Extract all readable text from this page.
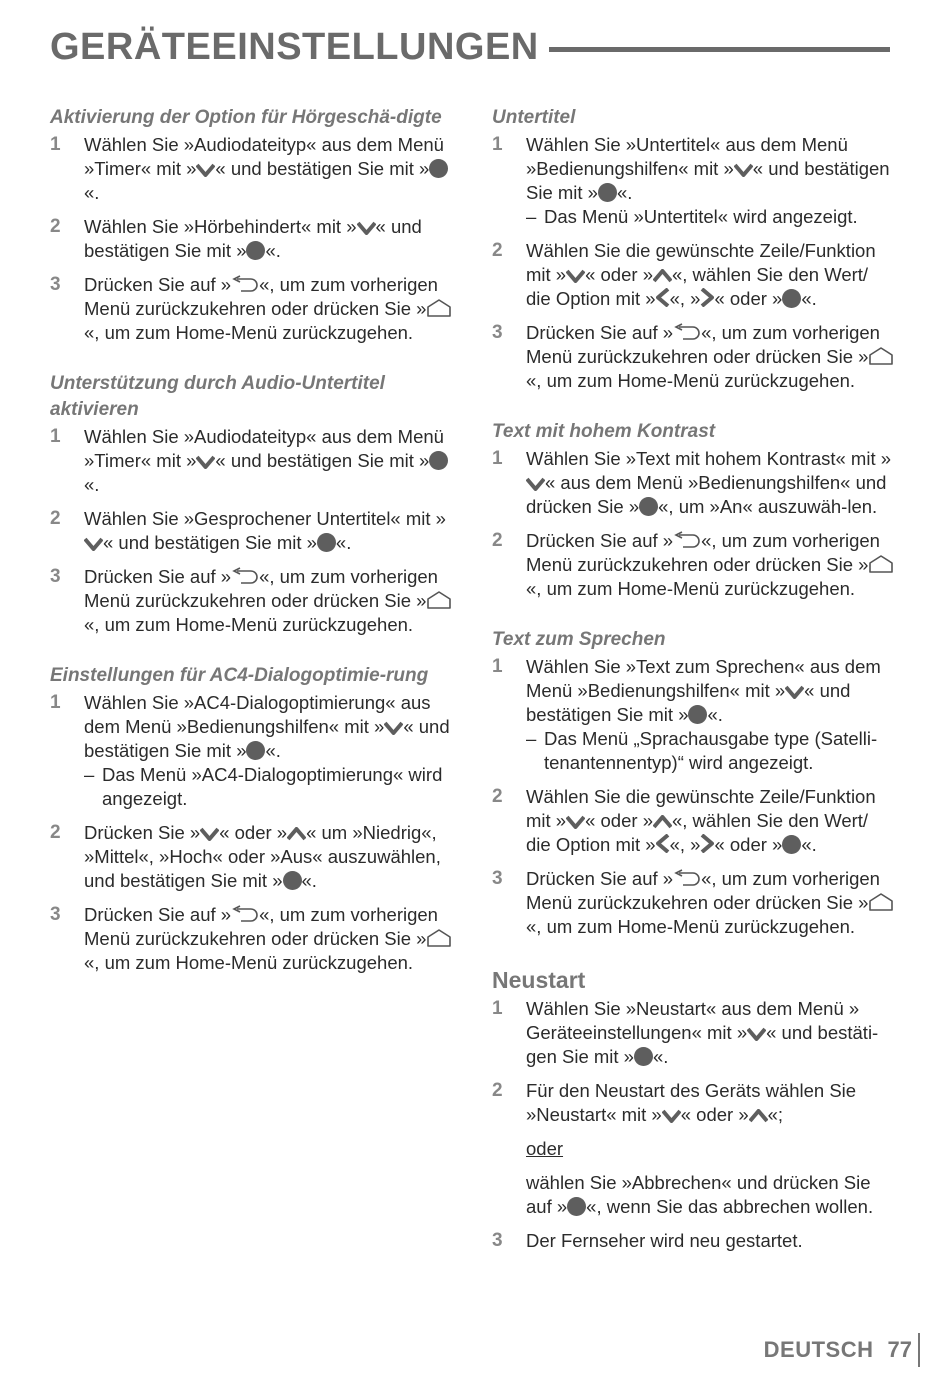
GERÄTEEINSTELLUNGEN

Aktivierung der Option für Hörgeschä-digte

1	Wählen Sie »Audiodateityp« aus dem Menü »Timer« mit » « und bestätigen Sie mit »«.

2	Wählen Sie »Hörbehindert« mit » « und bestätigen Sie mit » «.

3	Drücken Sie auf » «, um zum vorherigen Menü zurückzukehren oder drücken Sie »
«, um zum Home-Menü zurückzugehen.

Unterstützung durch Audio-Untertitel aktivieren

1	Wählen Sie »Audiodateityp« aus dem Menü »Timer« mit » « und bestätigen Sie mit »«.

2	Wählen Sie »Gesprochener Untertitel« mit »
« und bestätigen Sie mit » «.

3	Drücken Sie auf » «, um zum vorherigen Menü zurückzukehren oder drücken Sie »
«, um zum Home-Menü zurückzugehen.

Einstellungen für AC4-Dialogoptimie-rung

1	Wählen Sie »AC4-Dialogoptimierung« aus dem Menü »Bedienungshilfen« mit » « und bestätigen Sie mit » «.

– Das Menü »AC4-Dialogoptimierung« wird angezeigt.
2	Drücken Sie » « oder » « um »Niedrig«, »Mittel«, »Hoch« oder »Aus« auszuwählen, und bestätigen Sie mit » «.

3	Drücken Sie auf » «, um zum vorherigen Menü zurückzukehren oder drücken Sie »
«, um zum Home-Menü zurückzugehen.

Untertitel

1	Wählen Sie »Untertitel« aus dem Menü »Bedienungshilfen« mit » « und bestätigen Sie mit » «.

– Das Menü »Untertitel« wird angezeigt.
2	Wählen Sie die gewünschte Zeile/Funktion mit » « oder » «, wählen Sie den Wert/ die Option mit » «, » « oder » «.

3	Drücken Sie auf » «, um zum vorherigen Menü zurückzukehren oder drücken Sie »
«, um zum Home-Menü zurückzugehen.

Text mit hohem Kontrast

1	Wählen Sie »Text mit hohem Kontrast« mit »
« aus dem Menü »Bedienungshilfen« und drücken Sie » «, um »An« auszuwäh-len.

2	Drücken Sie auf » «, um zum vorherigen Menü zurückzukehren oder drücken Sie »
«, um zum Home-Menü zurückzugehen.

Text zum Sprechen

1	Wählen Sie »Text zum Sprechen« aus dem Menü »Bedienungshilfen« mit » « und bestätigen Sie mit » «.

– Das Menü „Sprachausgabe type (Satelli-tenantennentyp)“ wird angezeigt.
2	Wählen Sie die gewünschte Zeile/Funktion mit » « oder » «, wählen Sie den Wert/ die Option mit » «, » « oder » «.

3	Drücken Sie auf » «, um zum vorherigen Menü zurückzukehren oder drücken Sie »
«, um zum Home-Menü zurückzugehen.

Neustart

1	Wählen Sie »Neustart« aus dem Menü » Geräteeinstellungen« mit » « und bestäti-gen Sie mit » «.

2	Für den Neustart des Geräts wählen Sie »Neustart« mit » « oder » «;

oder

wählen Sie »Abbrechen« und drücken Sie auf » «, wenn Sie das abbrechen wollen.

3	Der Fernseher wird neu gestartet.

DEUTSCH 77
